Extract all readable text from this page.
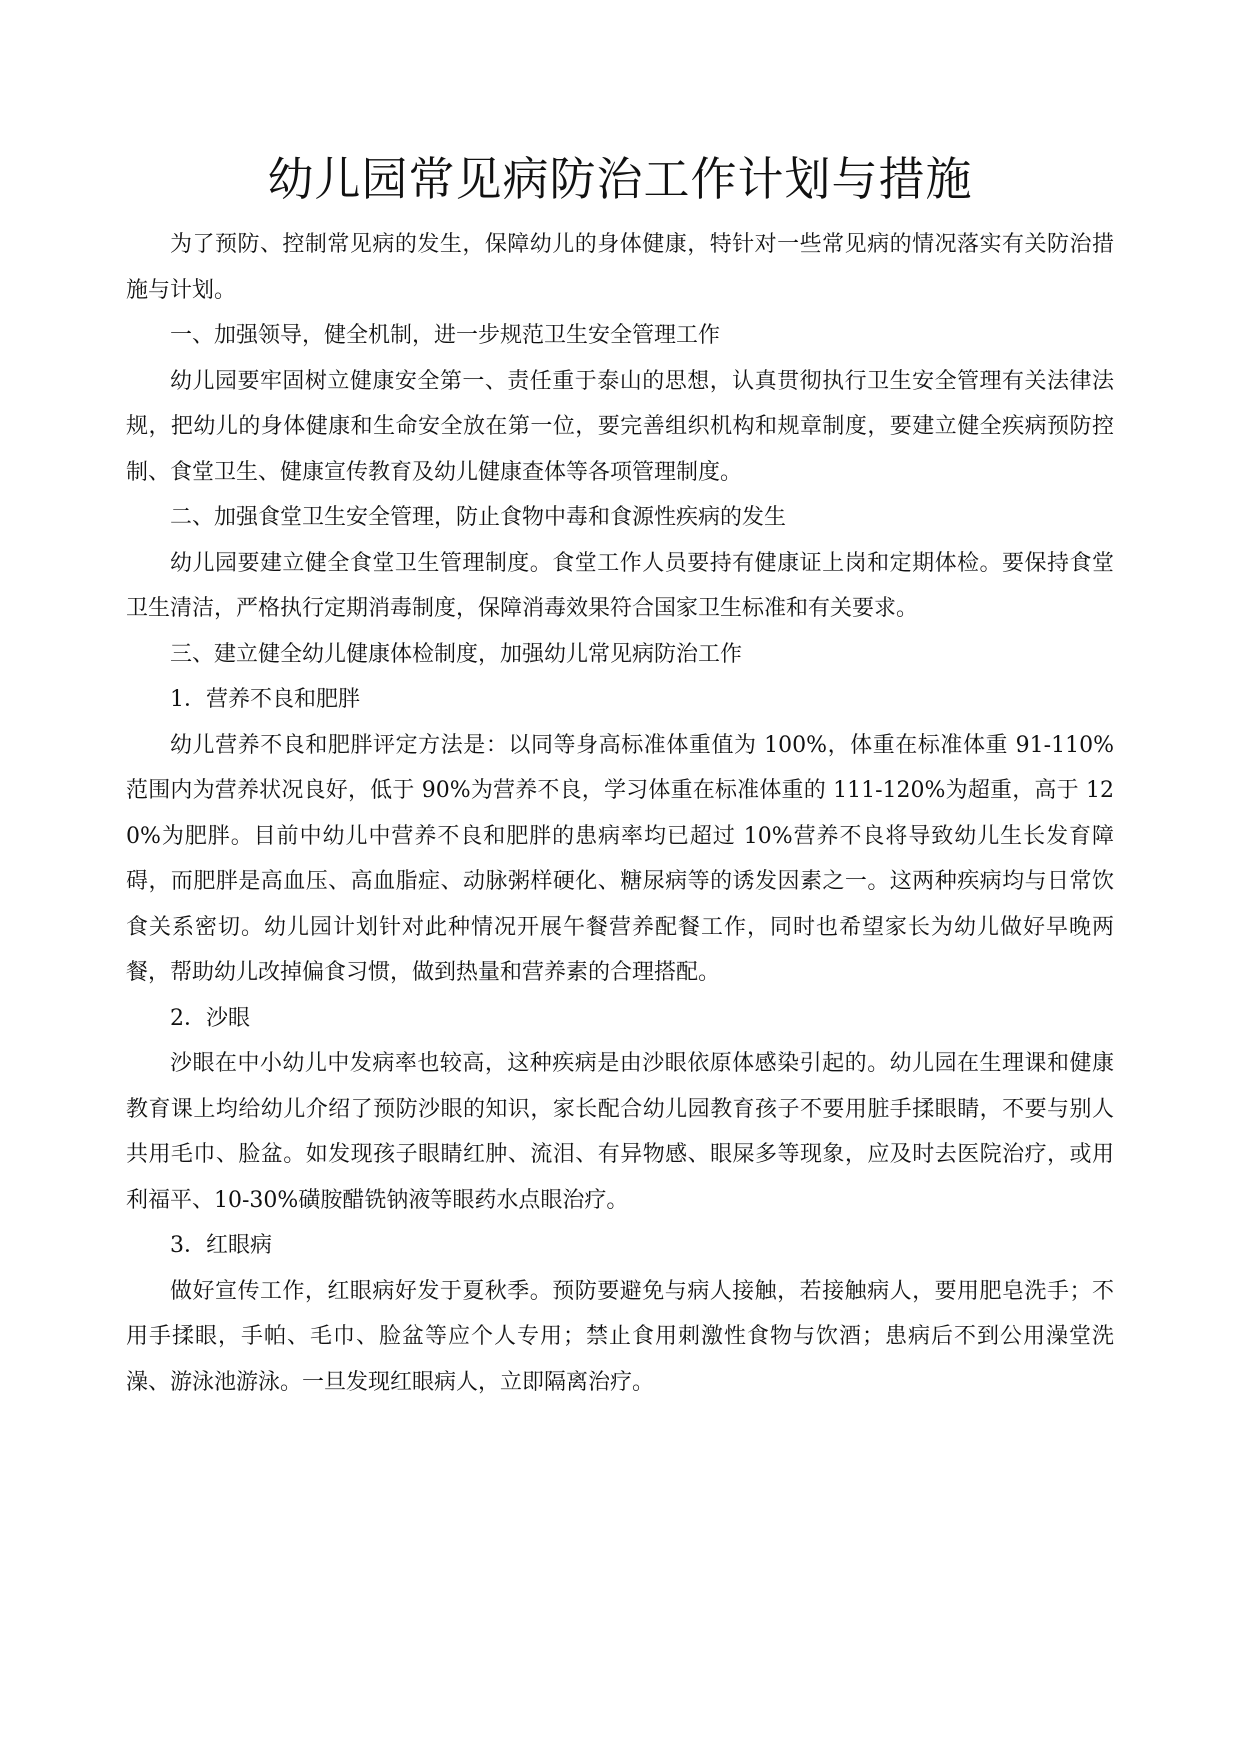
幼儿园常见病防治工作计划与措施

为了预防、控制常见病的发生，保障幼儿的身体健康，特针对一些常见病的情况落实有关防治措施与计划。

一、加强领导，健全机制，进一步规范卫生安全管理工作

幼儿园要牢固树立健康安全第一、责任重于泰山的思想，认真贯彻执行卫生安全管理有关法律法规，把幼儿的身体健康和生命安全放在第一位，要完善组织机构和规章制度，要建立健全疾病预防控制、食堂卫生、健康宣传教育及幼儿健康查体等各项管理制度。

二、加强食堂卫生安全管理，防止食物中毒和食源性疾病的发生

幼儿园要建立健全食堂卫生管理制度。食堂工作人员要持有健康证上岗和定期体检。要保持食堂卫生清洁，严格执行定期消毒制度，保障消毒效果符合国家卫生标准和有关要求。

三、建立健全幼儿健康体检制度，加强幼儿常见病防治工作

1．营养不良和肥胖

幼儿营养不良和肥胖评定方法是：以同等身高标准体重值为 100%，体重在标准体重 91-110%范围内为营养状况良好，低于 90%为营养不良，学习体重在标准体重的 111-120%为超重，高于 120%为肥胖。目前中幼儿中营养不良和肥胖的患病率均已超过 10%营养不良将导致幼儿生长发育障碍，而肥胖是高血压、高血脂症、动脉粥样硬化、糖尿病等的诱发因素之一。这两种疾病均与日常饮食关系密切。幼儿园计划针对此种情况开展午餐营养配餐工作，同时也希望家长为幼儿做好早晚两餐，帮助幼儿改掉偏食习惯，做到热量和营养素的合理搭配。

2．沙眼

沙眼在中小幼儿中发病率也较高，这种疾病是由沙眼依原体感染引起的。幼儿园在生理课和健康教育课上均给幼儿介绍了预防沙眼的知识，家长配合幼儿园教育孩子不要用脏手揉眼睛，不要与别人共用毛巾、脸盆。如发现孩子眼睛红肿、流泪、有异物感、眼屎多等现象，应及时去医院治疗，或用利福平、10-30%磺胺醋铣钠液等眼药水点眼治疗。

3．红眼病

做好宣传工作，红眼病好发于夏秋季。预防要避免与病人接触，若接触病人，要用肥皂洗手；不用手揉眼，手帕、毛巾、脸盆等应个人专用；禁止食用刺激性食物与饮酒；患病后不到公用澡堂洗澡、游泳池游泳。一旦发现红眼病人，立即隔离治疗。
